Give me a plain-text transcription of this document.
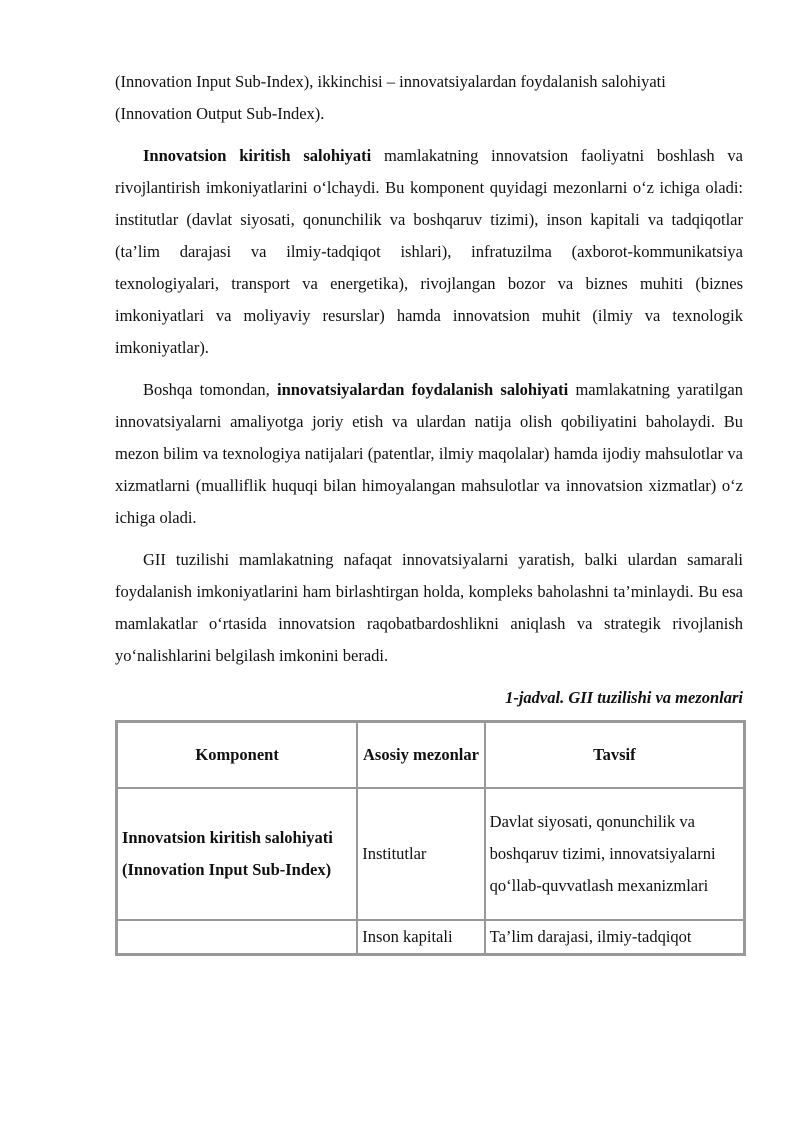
(Innovation Input Sub-Index), ikkinchisi – innovatsiyalardan foydalanish salohiyati (Innovation Output Sub-Index).

Innovatsion kiritish salohiyati mamlakatning innovatsion faoliyatni boshlash va rivojlantirish imkoniyatlarini oʻlchaydi. Bu komponent quyidagi mezonlarni oʻz ichiga oladi: institutlar (davlat siyosati, qonunchilik va boshqaruv tizimi), inson kapitali va tadqiqotlar (ta’lim darajasi va ilmiy-tadqiqot ishlari), infratuzilma (axborot-kommunikatsiya texnologiyalari, transport va energetika), rivojlangan bozor va biznes muhiti (biznes imkoniyatlari va moliyaviy resurslar) hamda innovatsion muhit (ilmiy va texnologik imkoniyatlar).

Boshqa tomondan, innovatsiyalardan foydalanish salohiyati mamlakatning yaratilgan innovatsiyalarni amaliyotga joriy etish va ulardan natija olish qobiliyatini baholaydi. Bu mezon bilim va texnologiya natijalari (patentlar, ilmiy maqolalar) hamda ijodiy mahsulotlar va xizmatlarni (mualliflik huquqi bilan himoyalangan mahsulotlar va innovatsion xizmatlar) oʻz ichiga oladi.

GII tuzilishi mamlakatning nafaqat innovatsiyalarni yaratish, balki ulardan samarali foydalanish imkoniyatlarini ham birlashtirgan holda, kompleks baholashni ta’minlaydi. Bu esa mamlakatlar oʻrtasida innovatsion raqobatbardoshlikni aniqlash va strategik rivojlanish yoʻnalishlarini belgilash imkonini beradi.

1-jadval. GII tuzilishi va mezonlari
Komponent	Asosiy mezonlar	Tavsif
Innovatsion kiritish salohiyati (Innovation Input Sub-Index)	Institutlar	Davlat siyosati, qonunchilik va boshqaruv tizimi, innovatsiyalarni qoʻllab-quvvatlash mexanizmlari
	Inson kapitali	Ta’lim darajasi, ilmiy-tadqiqot
